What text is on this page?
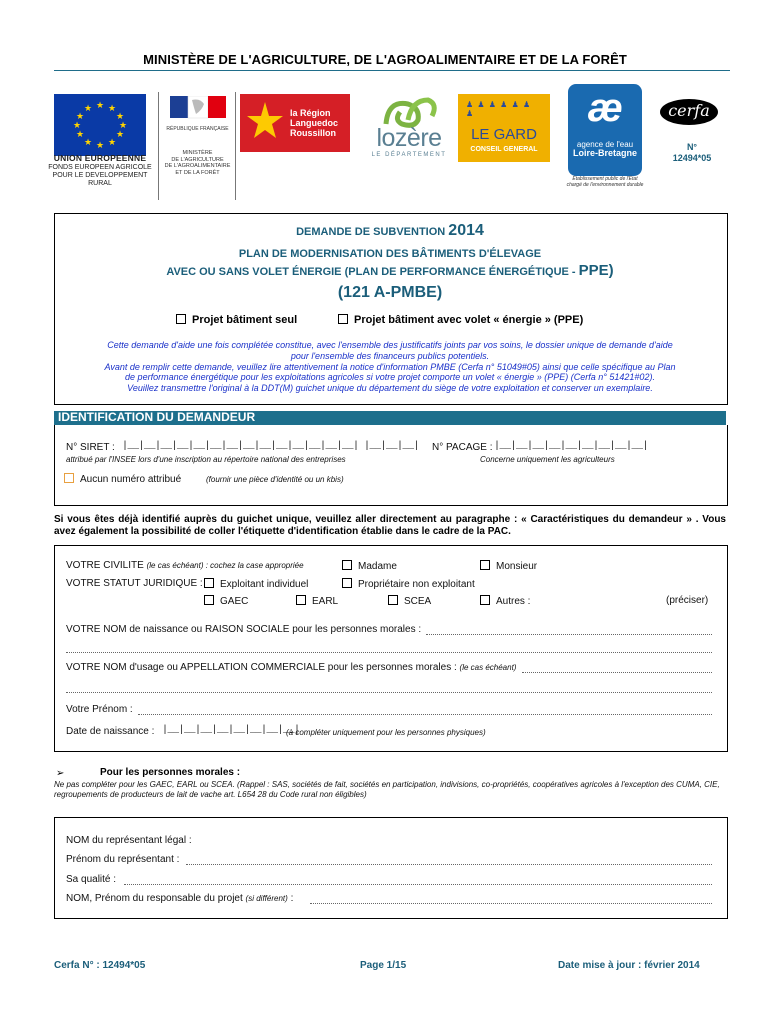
MINISTÈRE DE L'AGRICULTURE, DE L'AGROALIMENTAIRE ET DE LA FORÊT
★ ★
★
★
★
★
★
★
★
★
★
★
UNION EUROPEENNE
FONDS EUROPEEN AGRICOLE
POUR LE DEVELOPPEMENT RURAL
RÉPUBLIQUE FRANÇAISE
MINISTÈRE
DE L'AGRICULTURE
DE L'AGROALIMENTAIRE
ET DE LA FORÊT
la Région
Languedoc
Roussillon	lozère
LE DÉPARTEMENT
♟ ♟ ♟ ♟ ♟ ♟ ♟
LE GARD
CONSEIL GENERAL
æ
agence de l'eau
Loire-Bretagne
Établissement public de l'État
chargé de l'environnement durable
cerfa
N°
12494*05
DEMANDE DE SUBVENTION 2014
PLAN DE MODERNISATION DES BÂTIMENTS D'ÉLEVAGE
AVEC OU SANS VOLET ÉNERGIE (PLAN DE PERFORMANCE ÉNERGÉTIQUE - PPE)
(121 A-PMBE)
Projet bâtiment seul	Projet bâtiment avec volet « énergie » (PPE)
Cette demande d'aide une fois complétée constitue, avec l'ensemble des justificatifs joints par vos soins, le dossier unique de demande d'aide
pour l'ensemble des financeurs publics potentiels.
Avant de remplir cette demande, veuillez lire attentivement la notice d'information PMBE (Cerfa n° 51049#05) ainsi que celle spécifique au Plan
de performance énergétique pour les exploitations agricoles si votre projet comporte un volet « énergie » (PPE) (Cerfa n° 51421#02).
Veuillez transmettre l'original à la DDT(M) guichet unique du département du siège de votre exploitation et conserver un exemplaire.
IDENTIFICATION DU DEMANDEUR
N° SIRET : |__|__|__|__|__|__|__|__|__|__|__|__|__|__| |__|__|__|
attribué par l'INSEE lors d'une inscription au répertoire national des entreprises
N° PACAGE : |__|__|__|__|__|__|__|__|__|
Concerne uniquement les agriculteurs
Aucun numéro attribué	(fournir une pièce d'identité ou un kbis)
Si vous êtes déjà identifié auprès du guichet unique, veuillez aller directement au paragraphe : « Caractéristiques du demandeur » . Vous avez également la possibilité de coller l'étiquette d'identification établie dans le cadre de la PAC.
VOTRE CIVILITE (le cas échéant) : cochez la case appropriée	Madame	Monsieur
VOTRE STATUT JURIDIQUE :	Exploitant individuel	Propriétaire non exploitant
GAEC	EARL	SCEA	Autres :	(préciser)
VOTRE NOM de naissance ou RAISON SOCIALE pour les personnes morales :
VOTRE NOM d'usage ou APPELLATION COMMERCIALE pour les personnes morales : (le cas échéant)
Votre Prénom :
Date de naissance : |__|__|__|__|__|__|__|__|
(à compléter uniquement pour les personnes physiques)
➢	Pour les personnes morales :
Ne pas compléter pour les GAEC, EARL ou SCEA. (Rappel : SAS, sociétés de fait, sociétés en participation, indivisions, co-propriétés, coopératives agricoles à l'exception des CUMA, CIE, regroupements de producteurs de lait de vache art. L654 28 du Code rural non éligibles)
NOM du représentant légal :
Prénom du représentant :
Sa qualité :
NOM, Prénom du responsable du projet (si différent) :
Cerfa N° : 12494*05	Page 1/15	Date mise à jour : février 2014
